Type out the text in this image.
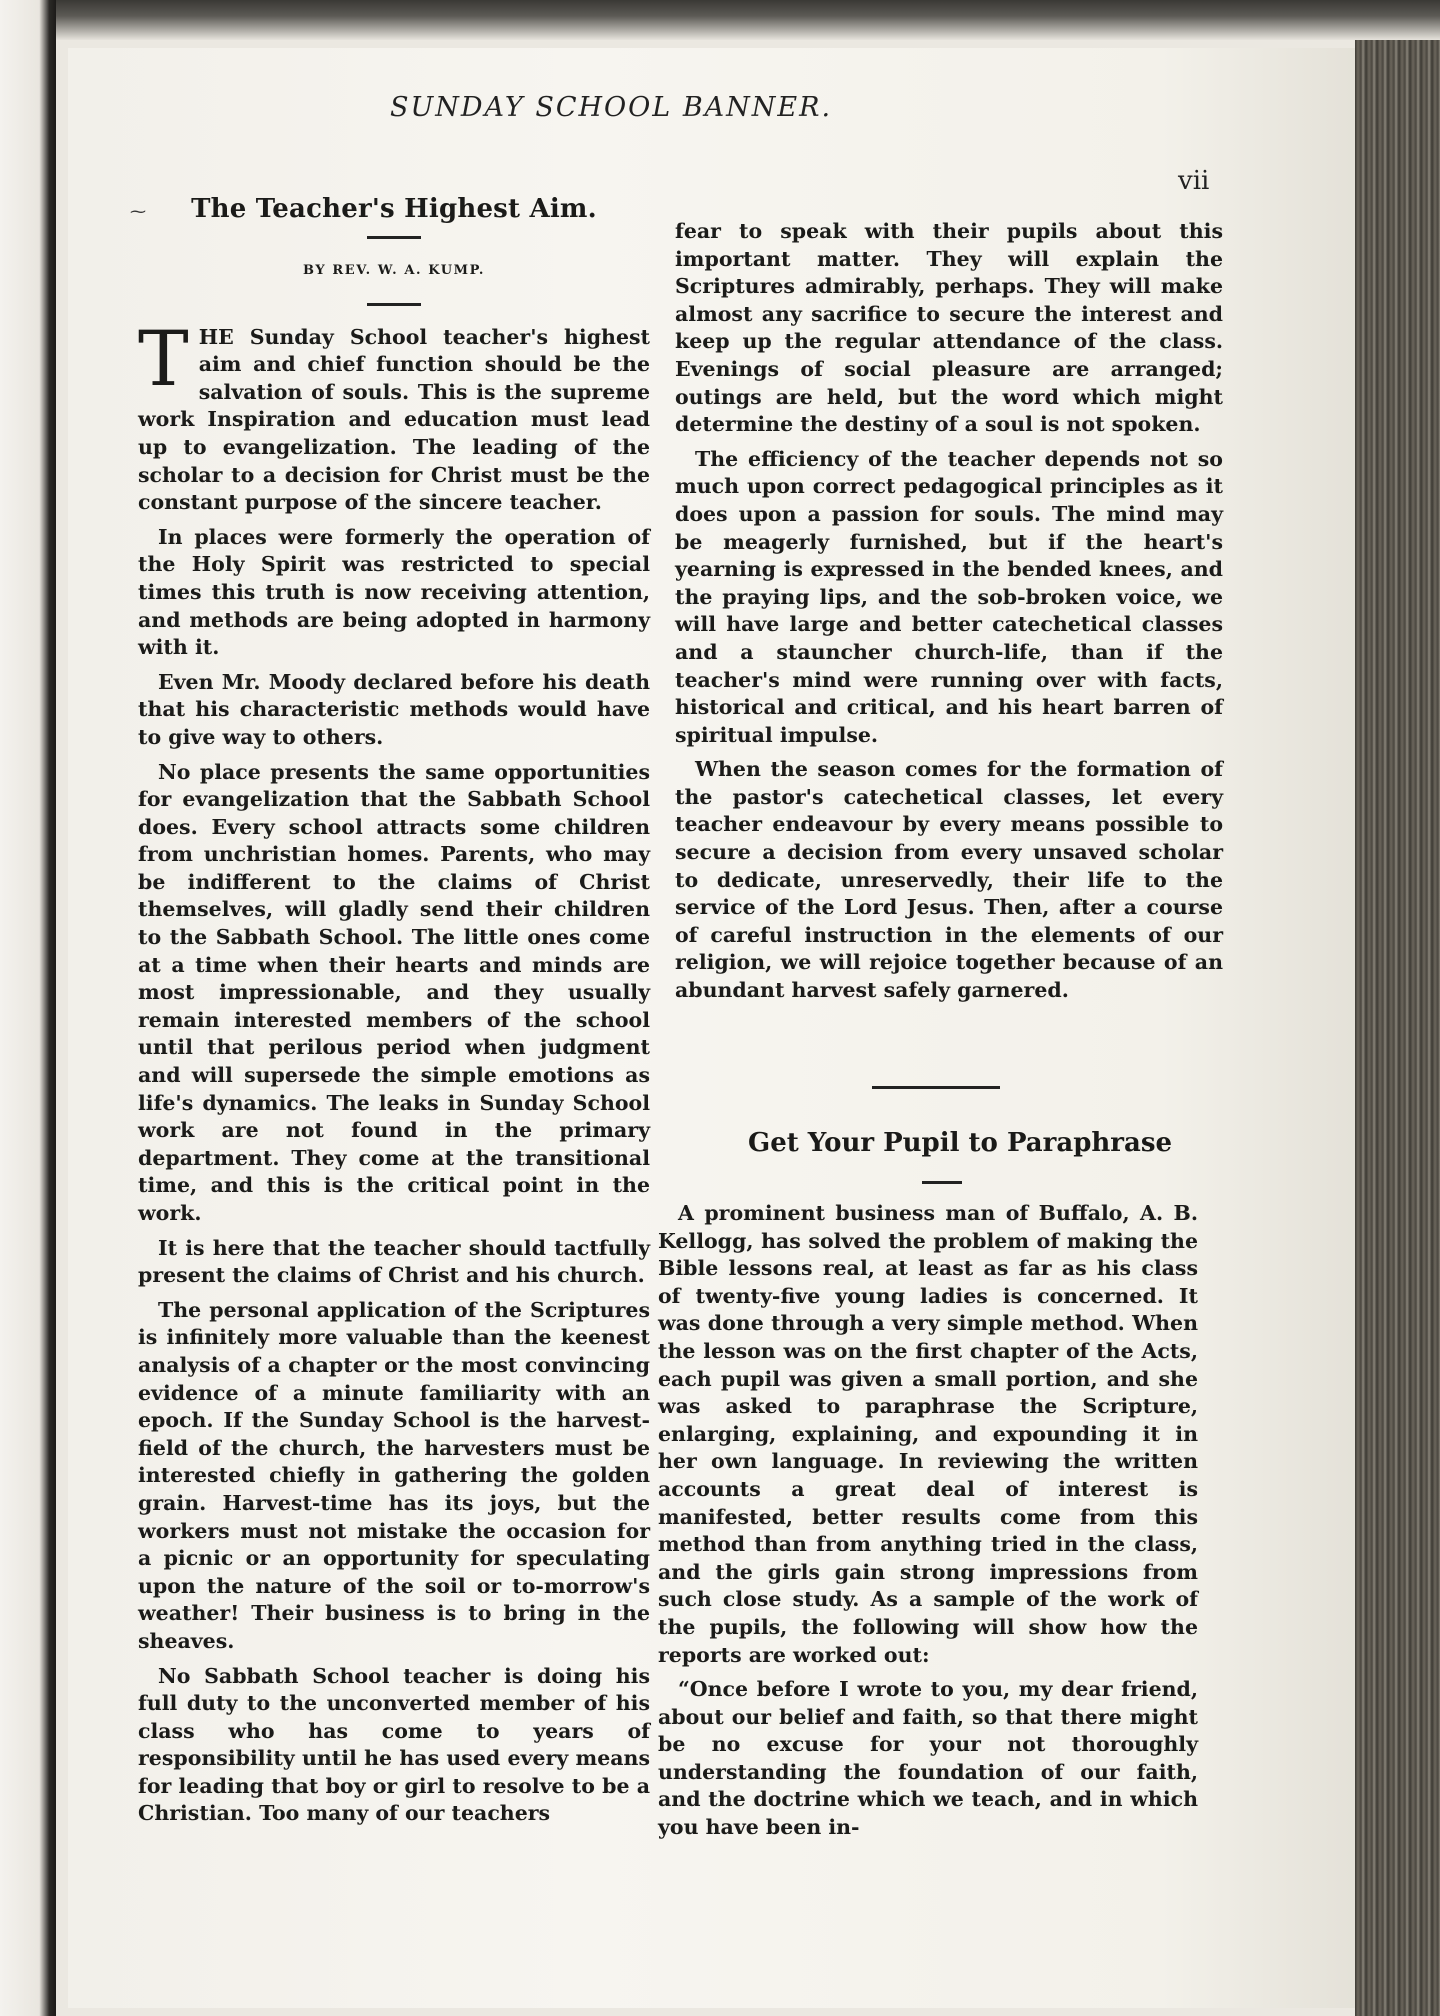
SUNDAY SCHOOL BANNER.
vii
⁓	The Teacher's Highest Aim.
BY REV. W. A. KUMP.

THE Sunday School teacher's highest aim and chief function should be the salvation of souls. This is the supreme work Inspiration and education must lead up to evangelization. The leading of the scholar to a decision for Christ must be the constant purpose of the sincere teacher.

In places were formerly the operation of the Holy Spirit was restricted to special times this truth is now receiving attention, and methods are being adopted in harmony with it.

Even Mr. Moody declared before his death that his characteristic methods would have to give way to others.

No place presents the same opportunities for evangelization that the Sabbath School does. Every school attracts some children from unchristian homes. Parents, who may be indifferent to the claims of Christ themselves, will gladly send their children to the Sabbath School. The little ones come at a time when their hearts and minds are most impressionable, and they usually remain interested members of the school until that perilous period when judgment and will supersede the simple emotions as life's dynamics. The leaks in Sunday School work are not found in the primary department. They come at the transitional time, and this is the critical point in the work.

It is here that the teacher should tactfully present the claims of Christ and his church.

The personal application of the Scriptures is infinitely more valuable than the keenest analysis of a chapter or the most convincing evidence of a minute familiarity with an epoch. If the Sunday School is the harvest-field of the church, the harvesters must be interested chiefly in gathering the golden grain. Harvest-time has its joys, but the workers must not mistake the occasion for a picnic or an opportunity for speculating upon the nature of the soil or to-morrow's weather! Their business is to bring in the sheaves.

No Sabbath School teacher is doing his full duty to the unconverted member of his class who has come to years of responsibility until he has used every means for leading that boy or girl to resolve to be a Christian. Too many of our teachers

fear to speak with their pupils about this important matter. They will explain the Scriptures admirably, perhaps. They will make almost any sacrifice to secure the interest and keep up the regular attendance of the class. Evenings of social pleasure are arranged; outings are held, but the word which might determine the destiny of a soul is not spoken.

The efficiency of the teacher depends not so much upon correct pedagogical principles as it does upon a passion for souls. The mind may be meagerly furnished, but if the heart's yearning is expressed in the bended knees, and the praying lips, and the sob-broken voice, we will have large and better catechetical classes and a stauncher church-life, than if the teacher's mind were running over with facts, historical and critical, and his heart barren of spiritual impulse.

When the season comes for the formation of the pastor's catechetical classes, let every teacher endeavour by every means possible to secure a decision from every unsaved scholar to dedicate, unreservedly, their life to the service of the Lord Jesus. Then, after a course of careful instruction in the elements of our religion, we will rejoice together because of an abundant harvest safely garnered.

Get Your Pupil to Paraphrase

A prominent business man of Buffalo, A. B. Kellogg, has solved the problem of making the Bible lessons real, at least as far as his class of twenty-five young ladies is concerned. It was done through a very simple method. When the lesson was on the first chapter of the Acts, each pupil was given a small portion, and she was asked to paraphrase the Scripture, enlarging, explaining, and expounding it in her own language. In reviewing the written accounts a great deal of interest is manifested, better results come from this method than from anything tried in the class, and the girls gain strong impressions from such close study. As a sample of the work of the pupils, the following will show how the reports are worked out:

“Once before I wrote to you, my dear friend, about our belief and faith, so that there might be no excuse for your not thoroughly understanding the foundation of our faith, and the doctrine which we teach, and in which you have been in-
